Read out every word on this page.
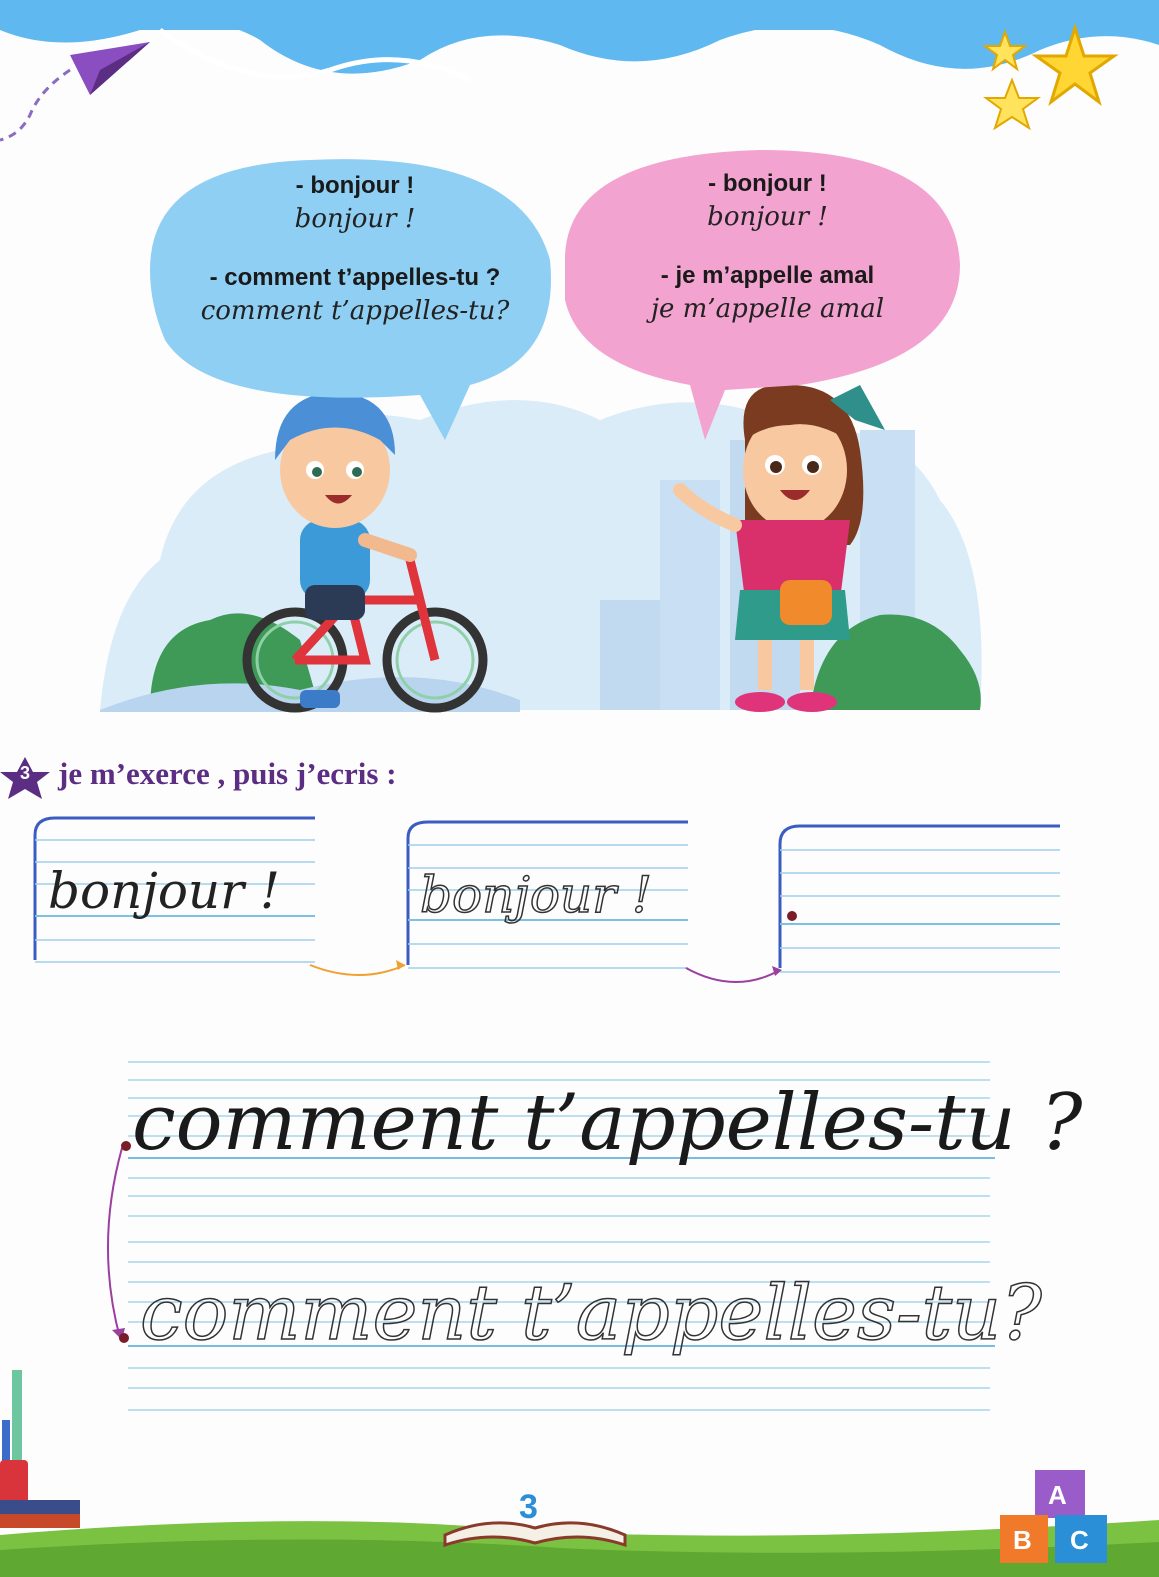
- bonjour !
bonjour !
- comment t’appelles-tu ?
comment t’appelles-tu?
- bonjour !
bonjour !
- je m’appelle amal
je m’appelle amal
3 je m’exerce , puis j’ecris :
bonjour !	bonjour !
comment t’appelles-tu ?
comment t’appelles-tu?
3	A
B C
